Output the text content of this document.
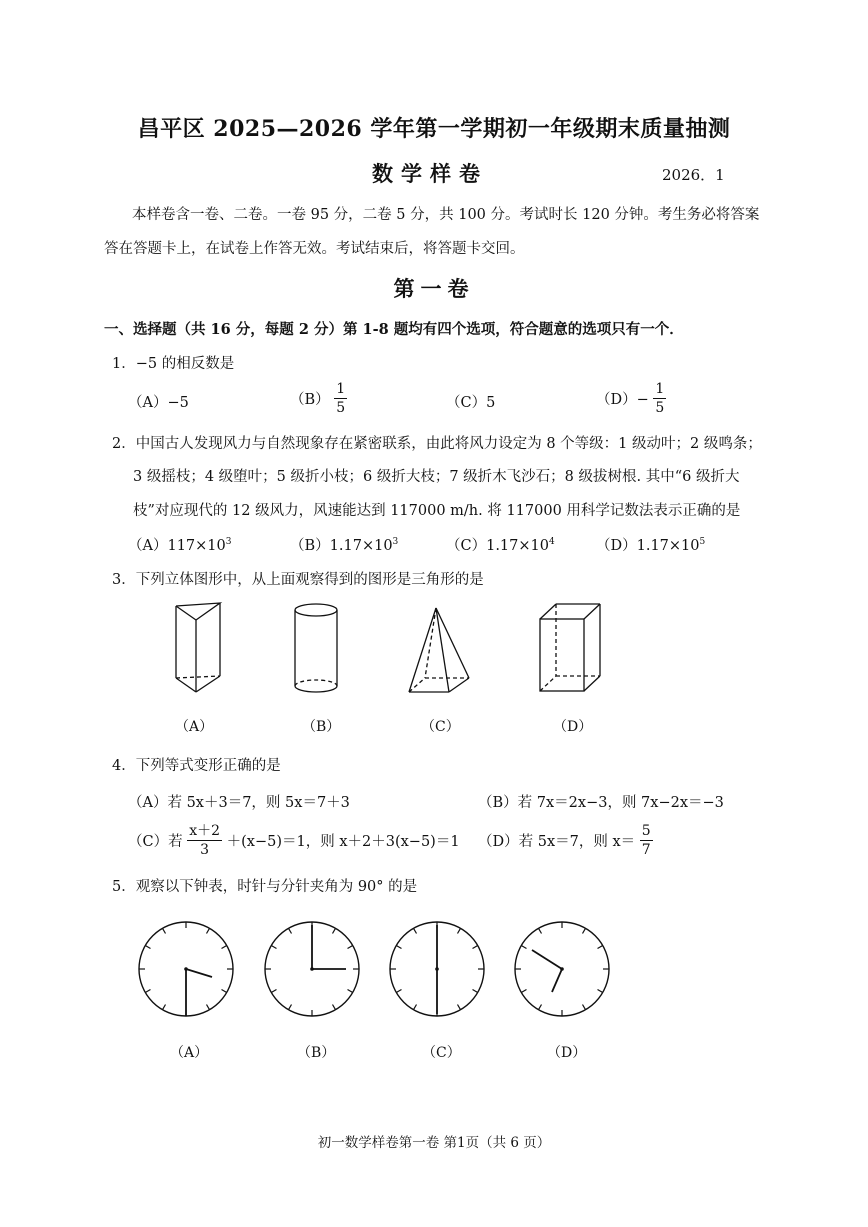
昌平区 2025—2026 学年第一学期初一年级期末质量抽测
数学样卷	2026．1
本样卷含一卷、二卷。一卷 95 分，二卷 5 分，共 100 分。考试时长 120 分钟。考生务必将答案
答在答题卡上，在试卷上作答无效。考试结束后，将答题卡交回。
第一卷
一、选择题（共 16 分，每题 2 分）第 1-8 题均有四个选项，符合题意的选项只有一个．
1．−5 的相反数是
（A）−5	$(B) \frac{1}{5}$	（C）5	$(D)- \frac{1}{5}$
2．中国古人发现风力与自然现象存在紧密联系，由此将风力设定为 8 个等级：1 级动叶；2 级鸣条；
3 级摇枝；4 级堕叶；5 级折小枝；6 级折大枝；7 级折木飞沙石；8 级拔树根. 其中“6 级折大
枝”对应现代的 12 级风力，风速能达到 117000 m/h. 将 117000 用科学记数法表示正确的是
$(A)117\times 10^3$	$(B)1.17\times 10^3$	$(C)1.17\times 10^4$	$(D)1.17\times 10^5$
3．下列立体图形中，从上面观察得到的图形是三角形的是
（A）	（B）	（C）	（D）
4．下列等式变形正确的是
（A）若 5x＋3＝7，则 5x＝7＋3	（B）若 7x＝2x−3，则 7x−2x＝−3
（C）若 $\frac{x+2}{3} +(x-5)=1$，则 x＋2＋3(x−5)＝1 （D）若 5x＝7，则 $x= \frac{5}{7}$
5．观察以下钟表，时针与分针夹角为 90° 的是
（A）	（B）	（C）	（D）
初一数学样卷第一卷 第1页（共 6 页）
